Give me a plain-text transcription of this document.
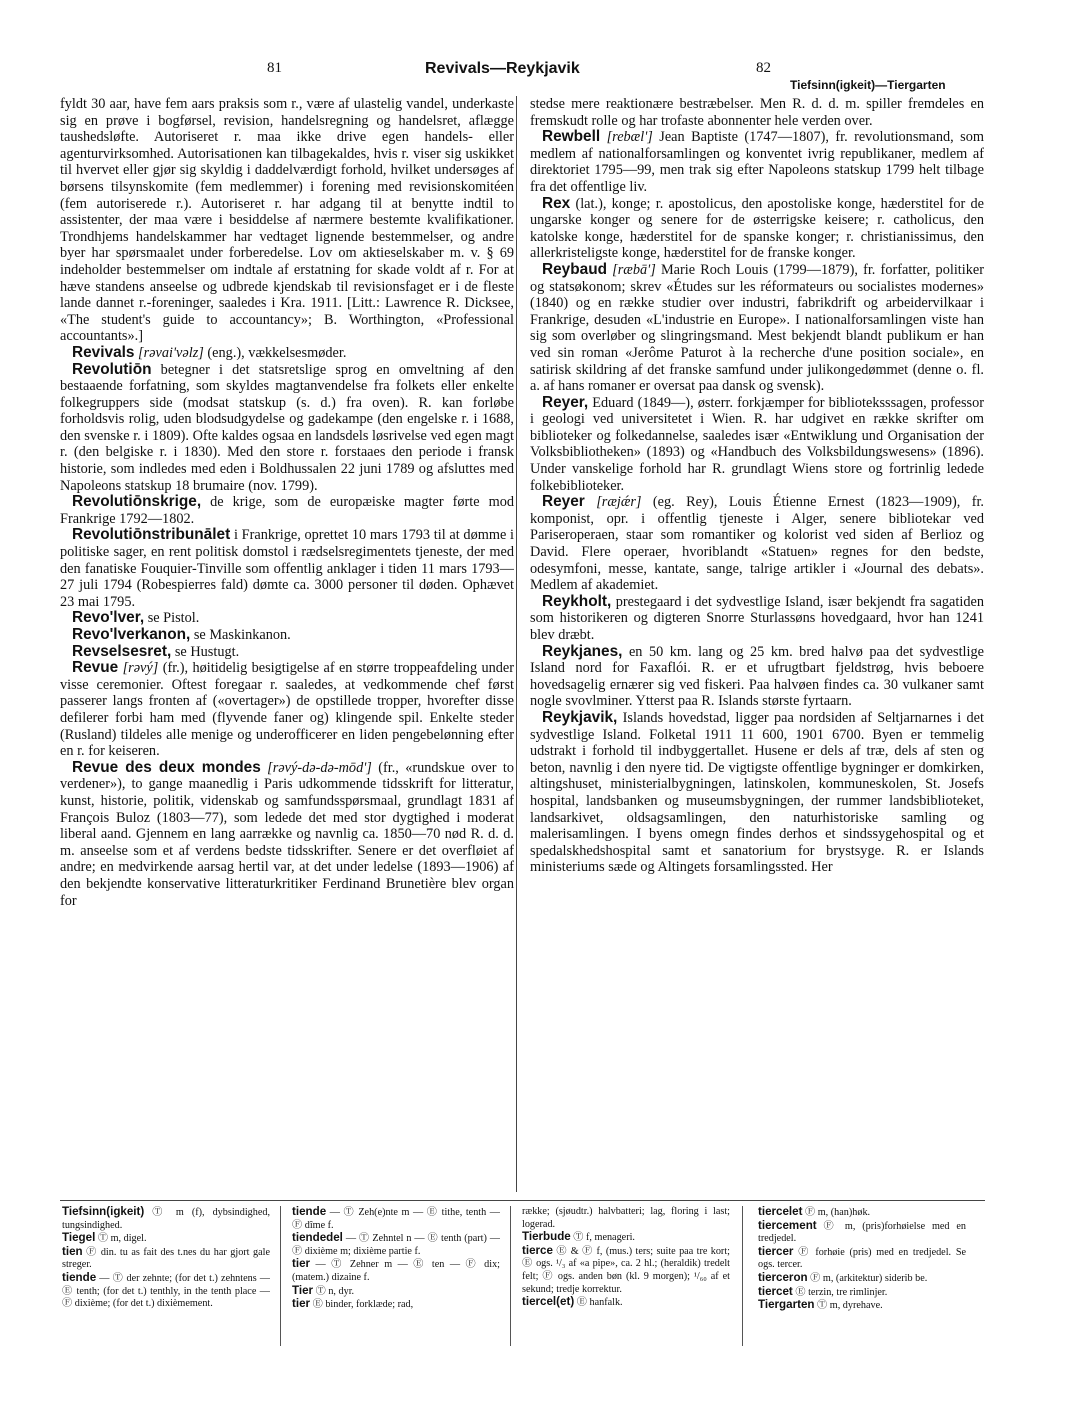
81	Revivals—Reykjavik	82
Tiefsinn(igkeit)—Tiergarten

fyldt 30 aar, have fem aars praksis som r., være af ulastelig vandel, underkaste sig en prøve i bogførsel, revision, handelsregning og handelsret, aflægge taushedsløfte. Autoriseret r. maa ikke drive egen handels- eller agenturvirksomhed. Autorisationen kan tilbagekaldes, hvis r. viser sig uskikket til hvervet eller gjør sig skyldig i daddelværdigt forhold, hvilket undersøges af børsens tilsynskomite (fem medlemmer) i forening med revisionskomitéen (fem autoriserede r.). Autoriseret r. har adgang til at benytte indtil to assistenter, der maa være i besiddelse af nærmere bestemte kvalifikationer. Trondhjems handelskammer har vedtaget lignende bestemmelser, og andre byer har spørsmaalet under forberedelse. Lov om aktieselskaber m. v. § 69 indeholder bestemmelser om indtale af erstatning for skade voldt af r. For at hæve standens anseelse og udbrede kjendskab til revisionsfaget er i de fleste lande dannet r.-foreninger, saaledes i Kra. 1911. [Litt.: Lawrence R. Dicksee, «The student's guide to accountancy»; B. Worthington, «Professional accountants».]

Revivals [rəvai'vəlz] (eng.), vækkelsesmøder.

Revolutiōn betegner i det statsretslige sprog en omveltning af den bestaaende forfatning, som skyldes magtanvendelse fra folkets eller enkelte folkegruppers side (modsat statskup (s. d.) fra oven). R. kan forløbe forholdsvis rolig, uden blodsudgydelse og gadekampe (den engelske r. i 1688, den svenske r. i 1809). Ofte kaldes ogsaa en landsdels løsrivelse ved egen magt r. (den belgiske r. i 1830). Med den store r. forstaaes den periode i fransk historie, som indledes med eden i Boldhussalen 22 juni 1789 og afsluttes med Napoleons statskup 18 brumaire (nov. 1799).

Revolutiōnskrige, de krige, som de europæiske magter førte mod Frankrige 1792—1802.

Revolutiōnstribunālet i Frankrige, oprettet 10 mars 1793 til at dømme i politiske sager, en rent politisk domstol i rædselsregimentets tjeneste, der med den fanatiske Fouquier-Tinville som offentlig anklager i tiden 11 mars 1793—27 juli 1794 (Robespierres fald) dømte ca. 3000 personer til døden. Ophævet 23 mai 1795.

Revo'lver, se Pistol.

Revo'lverkanon, se Maskinkanon.

Revselsesret, se Hustugt.

Revue [rəvý] (fr.), høitidelig besigtigelse af en større troppeafdeling under visse ceremonier. Oftest foregaar r. saaledes, at vedkommende chef først passerer langs fronten af («overtager») de opstillede tropper, hvorefter disse defilerer forbi ham med (flyvende faner og) klingende spil. Enkelte steder (Rusland) tildeles alle menige og underofficerer en liden pengebelønning efter en r. for keiseren.

Revue des deux mondes [rəvý-də-də-mōd'] (fr., «rundskue over to verdener»), to gange maanedlig i Paris udkommende tidsskrift for litteratur, kunst, historie, politik, videnskab og samfundsspørsmaal, grundlagt 1831 af François Buloz (1803—77), som ledede det med stor dygtighed i moderat liberal aand. Gjennem en lang aarrække og navnlig ca. 1850—70 nød R. d. d. m. anseelse som et af verdens bedste tidsskrifter. Senere er det overfløiet af andre; en medvirkende aarsag hertil var, at det under ledelse (1893—1906) af den bekjendte konservative litteraturkritiker Ferdinand Brunetière blev organ for

stedse mere reaktionære bestræbelser. Men R. d. d. m. spiller fremdeles en fremskudt rolle og har trofaste abonnenter hele verden over.

Rewbell [rebæl'] Jean Baptiste (1747—1807), fr. revolutionsmand, som medlem af nationalforsamlingen og konventet ivrig republikaner, medlem af direktoriet 1795—99, men trak sig efter Napoleons statskup 1799 helt tilbage fra det offentlige liv.

Rex (lat.), konge; r. apostolicus, den apostoliske konge, hæderstitel for de ungarske konger og senere for de østerrigske keisere; r. catholicus, den katolske konge, hæderstitel for de spanske konger; r. christianissimus, den allerkristeligste konge, hæderstitel for de franske konger.

Reybaud [ræbā'] Marie Roch Louis (1799—1879), fr. forfatter, politiker og statsøkonom; skrev «Études sur les réformateurs ou socialistes modernes» (1840) og en række studier over industri, fabrikdrift og arbeidervilkaar i Frankrige, desuden «L'industrie en Europe». I nationalforsamlingen viste han sig som overløber og slingringsmand. Mest bekjendt blandt publikum er han ved sin roman «Jerôme Paturot à la recherche d'une position sociale», en satirisk skildring af det franske samfund under julikongedømmet (denne o. fl. a. af hans romaner er oversat paa dansk og svensk).

Reyer, Eduard (1849—), østerr. forkjæmper for biblioteksssagen, professor i geologi ved universitetet i Wien. R. har udgivet en række skrifter om biblioteker og folkedannelse, saaledes især «Entwiklung und Organisation der Volksbibliotheken» (1893) og «Handbuch des Volksbildungswesens» (1896). Under vanskelige forhold har R. grundlagt Wiens store og fortrinlig ledede folkebiblioteker.

Reyer [ræjǽr] (eg. Rey), Louis Étienne Ernest (1823—1909), fr. komponist, opr. i offentlig tjeneste i Alger, senere bibliotekar ved Pariseroperaen, staar som romantiker og kolorist ved siden af Berlioz og David. Flere operaer, hvoriblandt «Statuen» regnes for den bedste, odesymfoni, messe, kantate, sange, talrige artikler i «Journal des debats». Medlem af akademiet.

Reykholt, prestegaard i det sydvestlige Island, især bekjendt fra sagatiden som historikeren og digteren Snorre Sturlassøns hovedgaard, hvor han 1241 blev dræbt.

Reykjanes, en 50 km. lang og 25 km. bred halvø paa det sydvestlige Island nord for Faxaflói. R. er et ufrugtbart fjeldstrøg, hvis beboere hovedsagelig ernærer sig ved fiskeri. Paa halvøen findes ca. 30 vulkaner samt nogle svovlminer. Ytterst paa R. Islands største fyrtaarn.

Reykjavik, Islands hovedstad, ligger paa nordsiden af Seltjarnarnes i det sydvestlige Island. Folketal 1911 11 600, 1901 6700. Byen er temmelig udstrakt i forhold til indbyggertallet. Husene er dels af træ, dels af sten og beton, navnlig i den nyere tid. De vigtigste offentlige bygninger er domkirken, altingshuset, ministerialbygningen, latinskolen, kommuneskolen, St. Josefs hospital, landsbanken og museumsbygningen, der rummer landsbiblioteket, landsarkivet, oldsagsamlingen, den naturhistoriske samling og malerisamlingen. I byens omegn findes derhos et sindssygehospital og et spedalskhedshospital samt et sanatorium for brystsyge. R. er Islands ministeriums sæde og Altingets forsamlingssted. Her

Tiefsinn(igkeit) Ⓣ m (f), dybsindighed, tungsindighed.

Tiegel Ⓣ m, digel.

tien Ⓕ din. tu as fait des t.nes du har gjort gale streger.

tiende — Ⓣ der zehnte; (for det t.) zehntens — Ⓔ tenth; (for det t.) tenthly, in the tenth place — Ⓕ dixième; (for det t.) dixièmement.

tiende — Ⓣ Zeh(e)nte m — Ⓔ tithe, tenth — Ⓕ dîme f.

tiendedel — Ⓣ Zehntel n — Ⓔ tenth (part) — Ⓕ dixième m; dixième partie f.

tier — Ⓣ Zehner m — Ⓔ ten — Ⓕ dix; (matem.) dizaine f.

Tier Ⓣ n, dyr.

tier Ⓔ binder, forklæde; rad,

række; (sjøudtr.) halvbatteri; lag, floring i last; logerad.

Tierbude Ⓣ f, menageri.

tierce Ⓔ & Ⓕ f, (mus.) ters; suite paa tre kort; Ⓔ ogs. ¹/₃ af «a pipe», ca. 2 hl.; (heraldik) tredelt felt; Ⓕ ogs. anden bøn (kl. 9 morgen); ¹/₆₀ af et sekund; tredje korrektur.

tiercel(et) Ⓔ hanfalk.

tiercelet Ⓕ m, (han)høk.

tiercement Ⓕ m, (pris)forhøielse med en tredjedel.

tiercer Ⓕ forhøie (pris) med en tredjedel. Se ogs. tercer.

tierceron Ⓕ m, (arkitektur) siderib be.

tiercet Ⓔ terzin, tre rimlinjer.

Tiergarten Ⓣ m, dyrehave.
